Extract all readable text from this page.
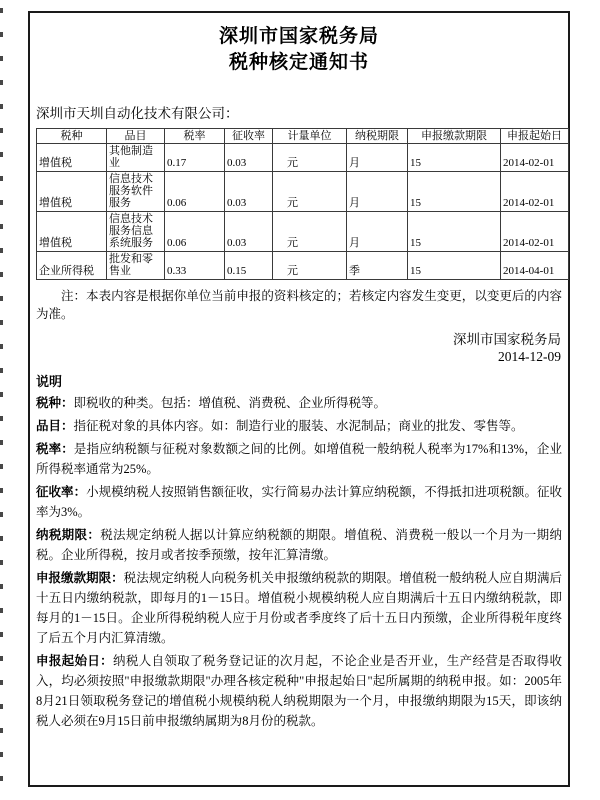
深圳市国家税务局
税种核定通知书
深圳市天圳自动化技术有限公司：
税种	品目	税率	征收率	计量单位	纳税期限	申报缴款期限	申报起始日
增值税	其他制造业	0.17	0.03	元	月	15	2014-02-01
增值税	信息技术服务软件服务	0.06	0.03	元	月	15	2014-02-01
增值税	信息技术服务信息系统服务	0.06	0.03	元	月	15	2014-02-01
企业所得税	批发和零售业	0.33	0.15	元	季	15	2014-04-01

注：本表内容是根据你单位当前申报的资料核定的；若核定内容发生变更，以变更后的内容为准。

深圳市国家税务局
2014-12-09
说明

税种：即税收的种类。包括：增值税、消费税、企业所得税等。

品目：指征税对象的具体内容。如：制造行业的服装、水泥制品；商业的批发、零售等。

税率：是指应纳税额与征税对象数额之间的比例。如增值税一般纳税人税率为17%和13%，企业所得税率通常为25%。

征收率：小规模纳税人按照销售额征收，实行简易办法计算应纳税额，不得抵扣进项税额。征收率为3%。

纳税期限：税法规定纳税人据以计算应纳税额的期限。增值税、消费税一般以一个月为一期纳税。企业所得税，按月或者按季预缴，按年汇算清缴。

申报缴款期限：税法规定纳税人向税务机关申报缴纳税款的期限。增值税一般纳税人应自期满后十五日内缴纳税款，即每月的1－15日。增值税小规模纳税人应自期满后十五日内缴纳税款，即每月的1－15日。企业所得税纳税人应于月份或者季度终了后十五日内预缴，企业所得税年度终了后五个月内汇算清缴。

申报起始日：纳税人自领取了税务登记证的次月起，不论企业是否开业，生产经营是否取得收入，均必须按照"申报缴款期限"办理各核定税种"申报起始日"起所属期的纳税申报。如：2005年8月21日领取税务登记的增值税小规模纳税人纳税期限为一个月，申报缴纳期限为15天，即该纳税人必须在9月15日前申报缴纳属期为8月份的税款。
